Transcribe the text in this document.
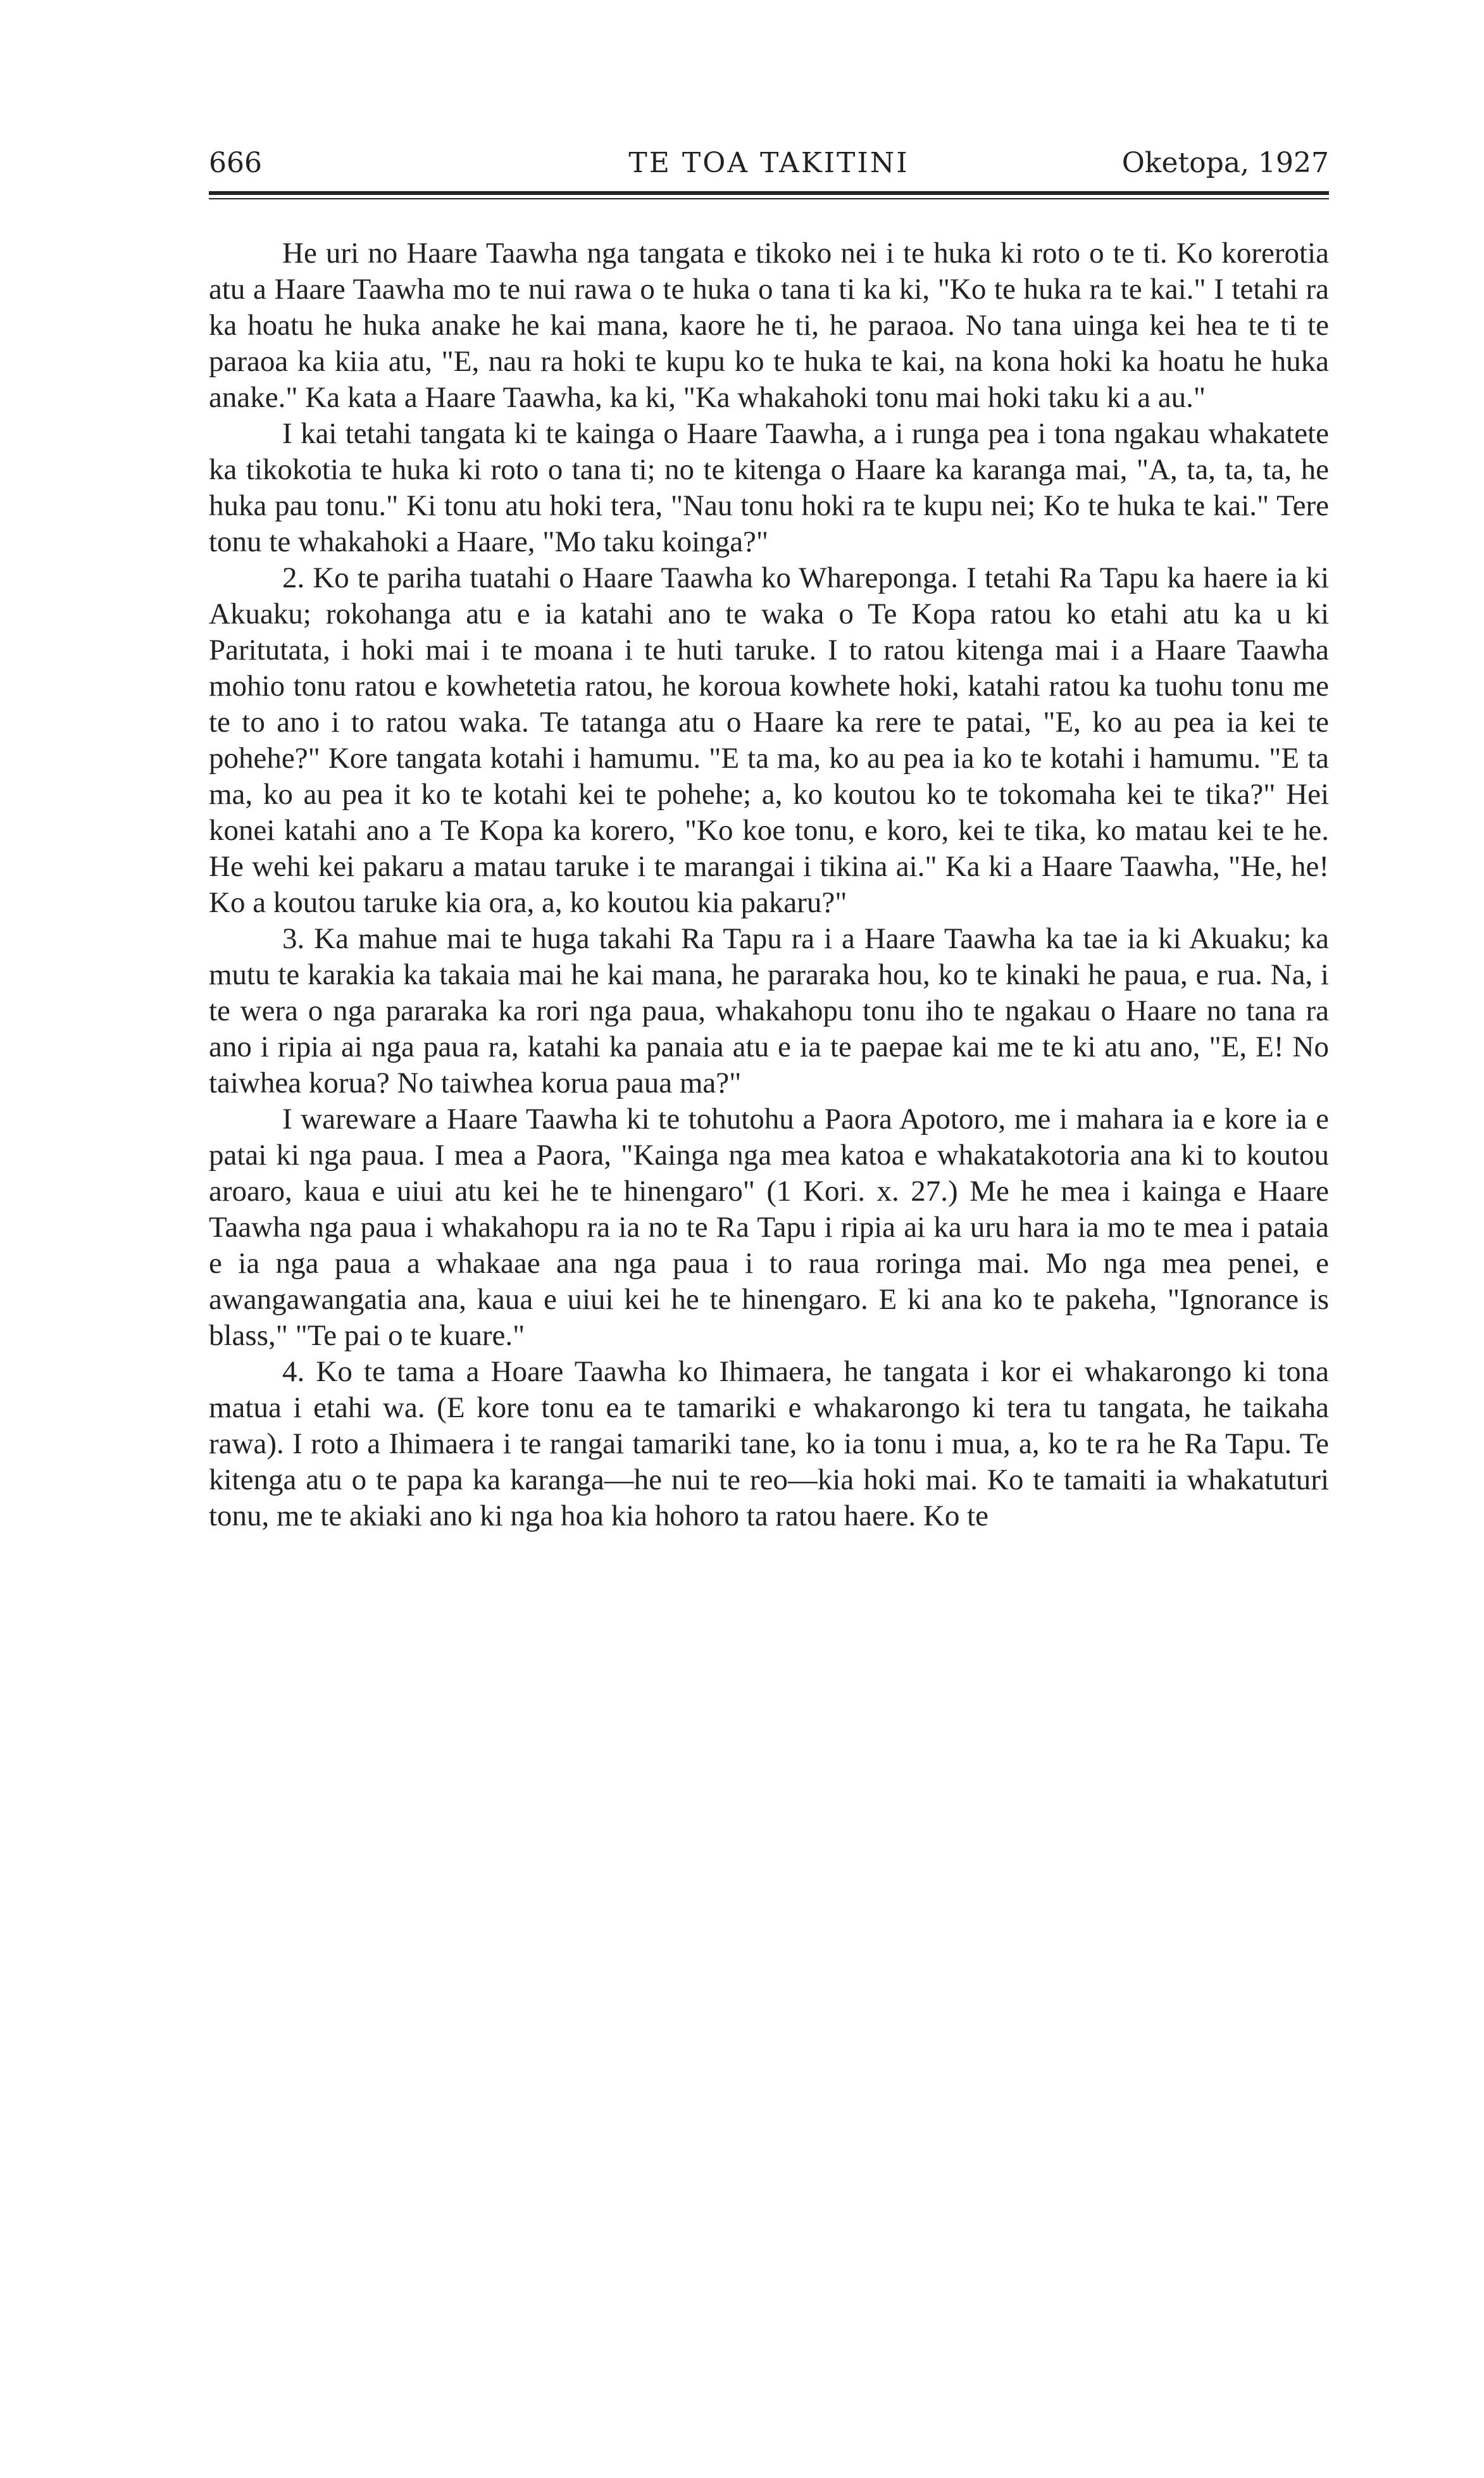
666	TE TOA TAKITINI	Oketopa, 1927

He uri no Haare Taawha nga tangata e tikoko nei i te huka ki roto o te ti. Ko korerotia atu a Haare Taawha mo te nui rawa o te huka o tana ti ka ki, "Ko te huka ra te kai." I tetahi ra ka hoatu he huka anake he kai mana, kaore he ti, he paraoa. No tana uinga kei hea te ti te paraoa ka kiia atu, "E, nau ra hoki te kupu ko te huka te kai, na kona hoki ka hoatu he huka anake." Ka kata a Haare Taawha, ka ki, "Ka whakahoki tonu mai hoki taku ki a au."

I kai tetahi tangata ki te kainga o Haare Taawha, a i runga pea i tona ngakau whakatete ka tikokotia te huka ki roto o tana ti; no te kitenga o Haare ka karanga mai, "A, ta, ta, ta, he huka pau tonu." Ki tonu atu hoki tera, "Nau tonu hoki ra te kupu nei; Ko te huka te kai." Tere tonu te whakahoki a Haare, "Mo taku koinga?"

2. Ko te pariha tuatahi o Haare Taawha ko Wharepongа. I tetahi Ra Tapu ka haere ia ki Akuaku; rokohanga atu e ia katahi ano te waka o Te Kopa ratou ko etahi atu ka u ki Paritutata, i hoki mai i te moana i te huti taruke. I to ratou kitenga mai i a Haare Taawha mohio tonu ratou e kowhetetia ratou, he koroua kowhete hoki, katahi ratou ka tuohu tonu me te to ano i to ratou waka. Te tatanga atu o Haare ka rere te patai, "E, ko au pea ia kei te pohehe?" Kore tangata kotahi i hamumu. "E ta ma, ko au pea ia ko te kotahi i hamumu. "E ta ma, ko au pea it ko te kotahi kei te pohehe; a, ko koutou ko te tokomaha kei te tika?" Hei konei katahi ano a Te Kopa ka korero, "Ko koe tonu, e koro, kei te tika, ko matau kei te he. He wehi kei pakaru a matau taruke i te marangai i tikina ai." Ka ki a Haare Taawha, "He, he! Ko a koutou taruke kia ora, a, ko koutou kia pakaru?"

3. Ka mahue mai te huga takahi Ra Tapu ra i a Haare Taawha ka tae ia ki Akuaku; ka mutu te karakia ka takaia mai he kai mana, he pararaka hou, ko te kinaki he paua, e rua. Na, i te wera o nga pararaka ka rori nga paua, whakahopu tonu iho te ngakau o Haare no tana ra ano i ripia ai nga paua ra, katahi ka panaia atu e ia te paepae kai me te ki atu ano, "E, E! No taiwhea korua? No taiwhea korua paua ma?"

I wareware a Haare Taawha ki te tohutohu a Paora Apotoro, me i mahara ia e kore ia e patai ki nga paua. I mea a Paora, "Kainga nga mea katoa e whakatakotoria ana ki to koutou aroaro, kaua e uiui atu kei he te hinengaro" (1 Kori. x. 27.) Me he mea i kainga e Haare Taawha nga paua i whakahopu ra ia no te Ra Tapu i ripia ai ka uru hara ia mo te mea i pataia e ia nga paua a whakaae ana nga paua i to raua roringa mai. Mo nga mea penei, e awangawangatia ana, kaua e uiui kei he te hinengaro. E ki ana ko te pakeha, "Ignorance is blass," "Te pai o te kuare."

4. Ko te tama a Hoare Taawha ko Ihimaera, he tangata i kor ei whakarongo ki tona matua i etahi wa. (E kore tonu ea te tamariki e whakarongo ki tera tu tangata, he taikaha rawa). I roto a Ihimaera i te rangai tamariki tane, ko ia tonu i mua, a, ko te ra he Ra Tapu. Te kitenga atu o te papa ka karanga—he nui te reo—kia hoki mai. Ko te tamaiti ia whakatuturi tonu, me te akiaki ano ki nga hoa kia hohoro ta ratou haere. Ko te
